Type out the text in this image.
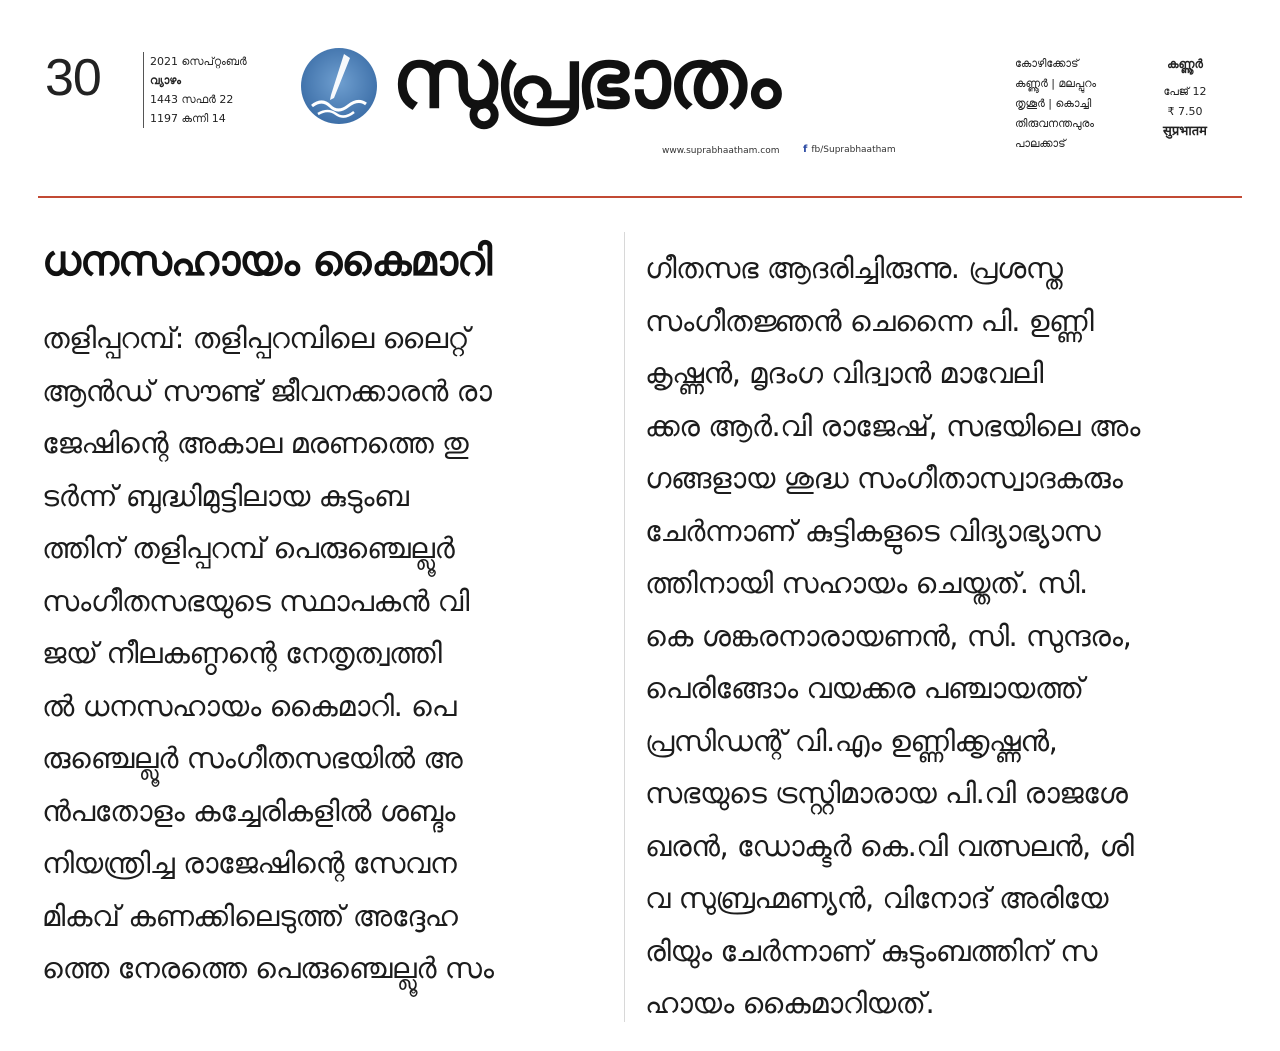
30	2021 സെപ്റ്റംബർ
വ്യാഴം
1443 സഫർ 22
1197 കന്നി 14 സുപ്രഭാതം
www.suprabhaatham.com f fb/Suprabhaatham
കോഴിക്കോട്
കണ്ണൂർ | മലപ്പുറം
തൃശൂർ | കൊച്ചി
തിരുവനന്തപുരം
പാലക്കാട്
കണ്ണൂർ
പേജ് 12
₹ 7.50
सुप्रभातम
ധനസഹായം കൈമാറി
തളിപ്പറമ്പ്: തളിപ്പറമ്പിലെ ലൈറ്റ്
ആൻഡ് സൗണ്ട് ജീവനക്കാരൻ രാ
ജേഷിന്റെ അകാല മരണത്തെ തു
ടർന്ന് ബുദ്ധിമുട്ടിലായ കുടുംബ
ത്തിന് തളിപ്പറമ്പ് പെരുഞ്ചെല്ലൂർ
സംഗീതസഭയുടെ സ്ഥാപകൻ വി
ജയ് നീലകണ്ഠന്റെ നേതൃത്വത്തി
ൽ ധനസഹായം കൈമാറി. പെ
രുഞ്ചെല്ലൂർ സംഗീതസഭയിൽ അ
ൻപതോളം കച്ചേരികളിൽ ശബ്ദം
നിയന്ത്രിച്ച രാജേഷിന്റെ സേവന
മികവ് കണക്കിലെടുത്ത് അദ്ദേഹ
ത്തെ നേരത്തെ പെരുഞ്ചെല്ലൂർ സം
ഗീതസഭ ആദരിച്ചിരുന്നു. പ്രശസ്ത
സംഗീതജ്ഞൻ ചെന്നൈ പി. ഉണ്ണി
കൃഷ്ണൻ, മൃദംഗ വിദ്വാൻ മാവേലി
ക്കര ആർ.വി രാജേഷ്, സഭയിലെ അം
ഗങ്ങളായ ശുദ്ധ സംഗീതാസ്വാദകരും
ചേർന്നാണ് കുട്ടികളുടെ വിദ്യാഭ്യാസ
ത്തിനായി സഹായം ചെയ്തത്. സി.
കെ ശങ്കരനാരായണൻ, സി. സുന്ദരം,
പെരിങ്ങോം വയക്കര പഞ്ചായത്ത്
പ്രസിഡന്റ് വി.എം ഉണ്ണിക്കൃഷ്ണൻ,
സഭയുടെ ട്രസ്റ്റിമാരായ പി.വി രാജശേ
ഖരൻ, ഡോക്ടർ കെ.വി വത്സലൻ, ശി
വ സുബ്രഹ്മണ്യൻ, വിനോദ് അരിയേ
രിയും ചേർന്നാണ് കുടുംബത്തിന് സ
ഹായം കൈമാറിയത്.
